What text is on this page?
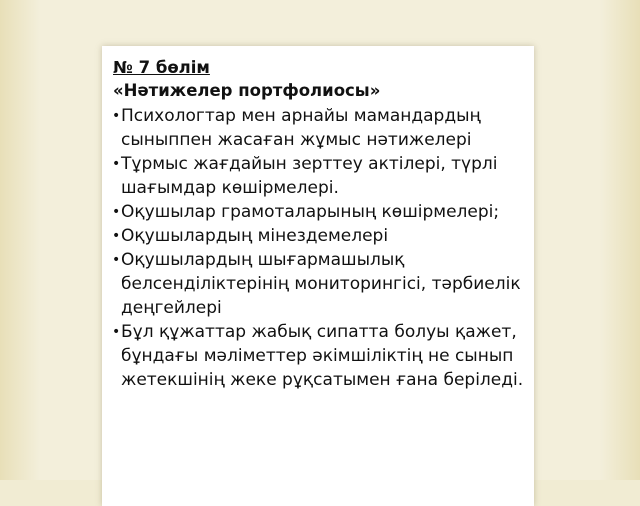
№ 7 бөлім

«Нәтижелер портфолиосы»

• Психологтар мен арнайы мамандардың сыныппен жасаған жұмыс нәтижелері
• Тұрмыс жағдайын зерттеу актілері, түрлі шағымдар көшірмелері.
• Оқушылар грамоталарының көшірмелері;
• Оқушылардың мінездемелері
• Оқушылардың шығармашылық белсенділіктерінің мониторингісі, тәрбиелік деңгейлері
• Бұл құжаттар жабық сипатта болуы қажет, бұндағы мәліметтер әкімшіліктің не сынып жетекшінің жеке рұқсатымен ғана беріледі.
